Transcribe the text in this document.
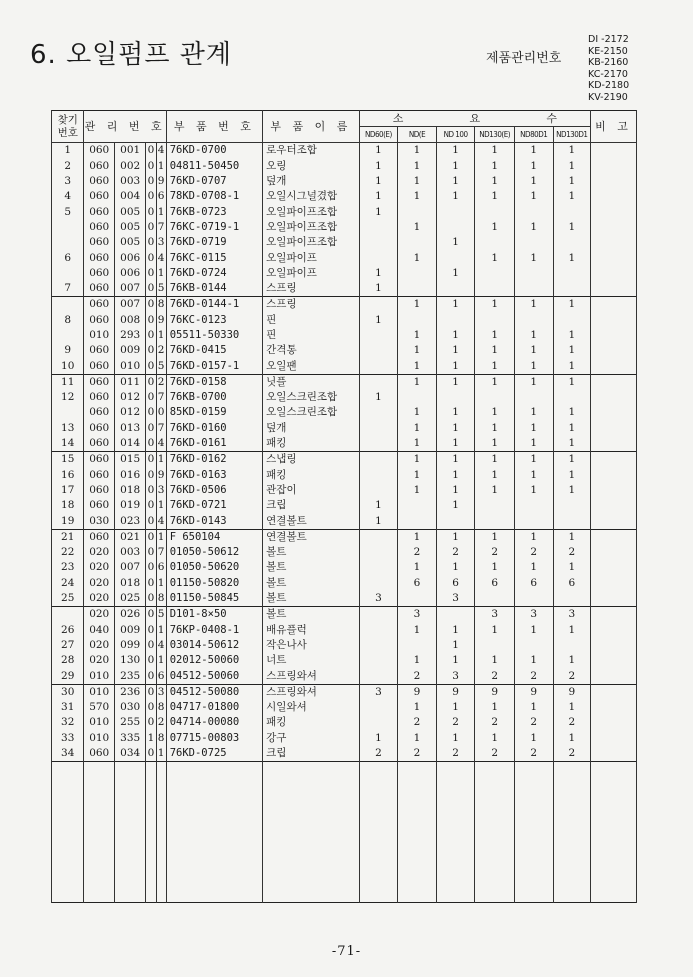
6. 오일펌프 관계	제품관리번호
DI -2172
KE-2150
KB-2160
KC-2170
KD-2180
KV-2190
찾기 번호	관 리 번 호				부 품 번 호	부 품 이 름	소 요 수						비 고
							ND60(E)	ND(E	ND 100	ND130(E)	ND80D1	ND130D1	
1	060	001	0	4	76KD-0700	로우터조합	1	1	1	1	1	1	
2	060	002	0	1	04811-50450	오링	1	1	1	1	1	1	
3	060	003	0	9	76KD-0707	덮개	1	1	1	1	1	1	
4	060	004	0	6	78KD-0708-1	오일시그널겼합	1	1	1	1	1	1	
5	060	005	0	1	76KB-0723	오일파이프조합	1						
	060	005	0	7	76KC-0719-1	오일파이프조합		1		1	1	1	
	060	005	0	3	76KD-0719	오일파이프조합			1				
6	060	006	0	4	76KC-0115	오일파이프		1		1	1	1	
	060	006	0	1	76KD-0724	오일파이프	1		1				
7	060	007	0	5	76KB-0144	스프링	1						
	060	007	0	8	76KD-0144-1	스프링		1	1	1	1	1	
8	060	008	0	9	76KC-0123	핀	1						
	010	293	0	1	05511-50330	핀		1	1	1	1	1	
9	060	009	0	2	76KD-0415	간격통		1	1	1	1	1	
10	060	010	0	5	76KD-0157-1	오일팬		1	1	1	1	1	
11	060	011	0	2	76KD-0158	닛플		1	1	1	1	1	
12	060	012	0	7	76KB-0700	오일스크린조합	1						
	060	012	0	0	85KD-0159	오일스크린조합		1	1	1	1	1	
13	060	013	0	7	76KD-0160	덮개		1	1	1	1	1	
14	060	014	0	4	76KD-0161	패킹		1	1	1	1	1	
15	060	015	0	1	76KD-0162	스냅링		1	1	1	1	1	
16	060	016	0	9	76KD-0163	패킹		1	1	1	1	1	
17	060	018	0	3	76KD-0506	관잡이		1	1	1	1	1	
18	060	019	0	1	76KD-0721	크립	1		1				
19	030	023	0	4	76KD-0143	연결볼트	1						
21	060	021	0	1	F 650104	연결볼트		1	1	1	1	1	
22	020	003	0	7	01050-50612	볼트		2	2	2	2	2	
23	020	007	0	6	01050-50620	볼트		1	1	1	1	1	
24	020	018	0	1	01150-50820	볼트		6	6	6	6	6	
25	020	025	0	8	01150-50845	볼트	3		3				
	020	026	0	5	D101-8×50	볼트		3		3	3	3	
26	040	009	0	1	76KP-0408-1	배유플럭		1	1	1	1	1	
27	020	099	0	4	03014-50612	작은나사			1				
28	020	130	0	1	02012-50060	너트		1	1	1	1	1	
29	010	235	0	6	04512-50060	스프링와셔		2	3	2	2	2	
30	010	236	0	3	04512-50080	스프링와셔	3	9	9	9	9	9	
31	570	030	0	8	04717-01800	시일와셔		1	1	1	1	1	
32	010	255	0	2	04714-00080	패킹		2	2	2	2	2	
33	010	335	1	8	07715-00803	강구	1	1	1	1	1	1	
34	060	034	0	1	76KD-0725	크립	2	2	2	2	2	2	

-71-
